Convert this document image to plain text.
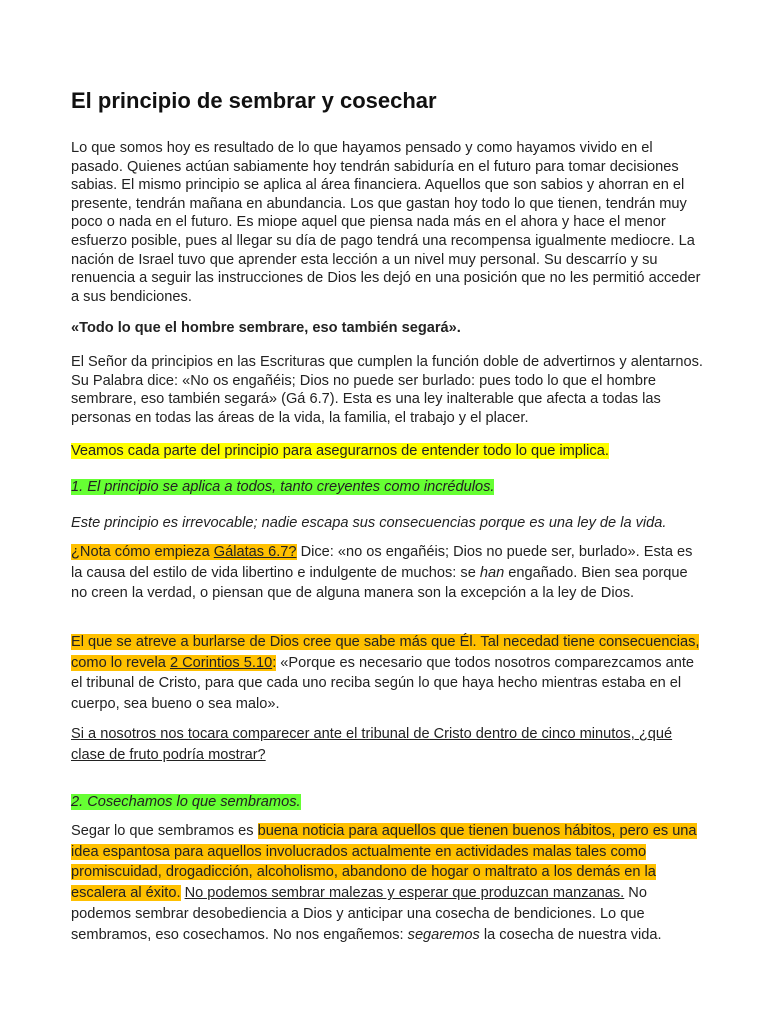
El principio de sembrar y cosechar

Lo que somos hoy es resultado de lo que hayamos pensado y como hayamos vivido en el pasado. Quienes actúan sabiamente hoy tendrán sabiduría en el futuro para tomar decisiones sabias. El mismo principio se aplica al área financiera. Aquellos que son sabios y ahorran en el presente, tendrán mañana en abundancia. Los que gastan hoy todo lo que tienen, tendrán muy poco o nada en el futuro. Es miope aquel que piensa nada más en el ahora y hace el menor esfuerzo posible, pues al llegar su día de pago tendrá una recompensa igualmente mediocre. La nación de Israel tuvo que aprender esta lección a un nivel muy personal. Su descarrío y su renuencia a seguir las instrucciones de Dios les dejó en una posición que no les permitió acceder a sus bendiciones.

«Todo lo que el hombre sembrare, eso también segará».

El Señor da principios en las Escrituras que cumplen la función doble de advertirnos y alentarnos. Su Palabra dice: «No os engañéis; Dios no puede ser burlado: pues todo lo que el hombre sembrare, eso también segará» (Gá 6.7). Esta es una ley inalterable que afecta a todas las personas en todas las áreas de la vida, la familia, el trabajo y el placer.

Veamos cada parte del principio para asegurarnos de entender todo lo que implica.

1. El principio se aplica a todos, tanto creyentes como incrédulos.

Este principio es irrevocable; nadie escapa sus consecuencias porque es una ley de la vida.

¿Nota cómo empieza Gálatas 6.7? Dice: «no os engañéis; Dios no puede ser, burlado». Esta es la causa del estilo de vida libertino e indulgente de muchos: se han engañado. Bien sea porque no creen la verdad, o piensan que de alguna manera son la excepción a la ley de Dios.

El que se atreve a burlarse de Dios cree que sabe más que Él. Tal necedad tiene consecuencias, como lo revela 2 Corintios 5.10: «Porque es necesario que todos nosotros comparezcamos ante el tribunal de Cristo, para que cada uno reciba según lo que haya hecho mientras estaba en el cuerpo, sea bueno o sea malo».

Si a nosotros nos tocara comparecer ante el tribunal de Cristo dentro de cinco minutos, ¿qué clase de fruto podría mostrar?

2. Cosechamos lo que sembramos.

Segar lo que sembramos es buena noticia para aquellos que tienen buenos hábitos, pero es una idea espantosa para aquellos involucrados actualmente en actividades malas tales como promiscuidad, drogadicción, alcoholismo, abandono de hogar o maltrato a los demás en la escalera al éxito. No podemos sembrar malezas y esperar que produzcan manzanas. No podemos sembrar desobediencia a Dios y anticipar una cosecha de bendiciones. Lo que sembramos, eso cosechamos. No nos engañemos: segaremos la cosecha de nuestra vida.
